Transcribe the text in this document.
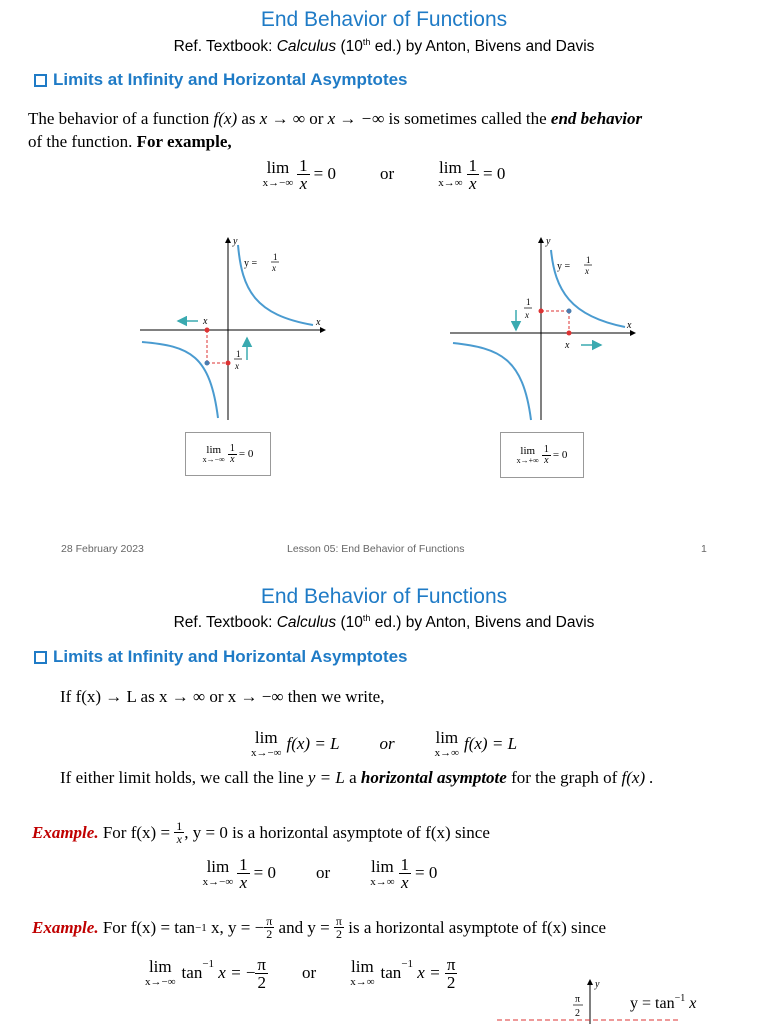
End Behavior of Functions
Ref. Textbook: Calculus (10th ed.) by Anton, Bivens and Davis
Limits at Infinity and Horizontal Asymptotes
The behavior of a function f(x) as x → ∞ or x → −∞ is sometimes called the end behavior
of the function. For example,
lim
$x\to-\infty \frac{1}{x} = 0$	or	lim
$x\to\infty \frac{1}{x} = 0$
x	x
y
y =
1
x
1
x
lim
$x\to-\infty \frac{1}{x} = 0$
x
x
y
y =
1
x
1
x
lim
$x\to+\infty \frac{1}{x} = 0$
28 February 2023	Lesson 05: End Behavior of Functions	1
End Behavior of Functions
Ref. Textbook: Calculus (10th ed.) by Anton, Bivens and Davis
Limits at Infinity and Horizontal Asymptotes
If f(x) → L as x → ∞ or x → −∞ then we write,
lim
x→−∞ f(x) = L or lim
x→∞ f(x) = L
If either limit holds, we call the line y = L a horizontal asymptote for the graph of f(x) .
Example. For $f(x) = \frac{1}{x}$ , y = 0 is a horizontal asymptote of f(x) since
lim
$x\to-\infty \frac{1}{x} = 0$ or lim
$x\to\infty \frac{1}{x} = 0$
Example. For f(x) = tan −1 x, y = − $\frac{\pi}{2}$ and $y = \frac{\pi}{2}$ is a horizontal asymptote of f(x) since
lim
x→−∞ $\tan^{-1} x$ = − $\frac{\pi}{2}$ or lim
x→∞ $\tan^{-1} x = \frac{\pi}{2}$	y
π
2
$y = \tan^{-1} x$
